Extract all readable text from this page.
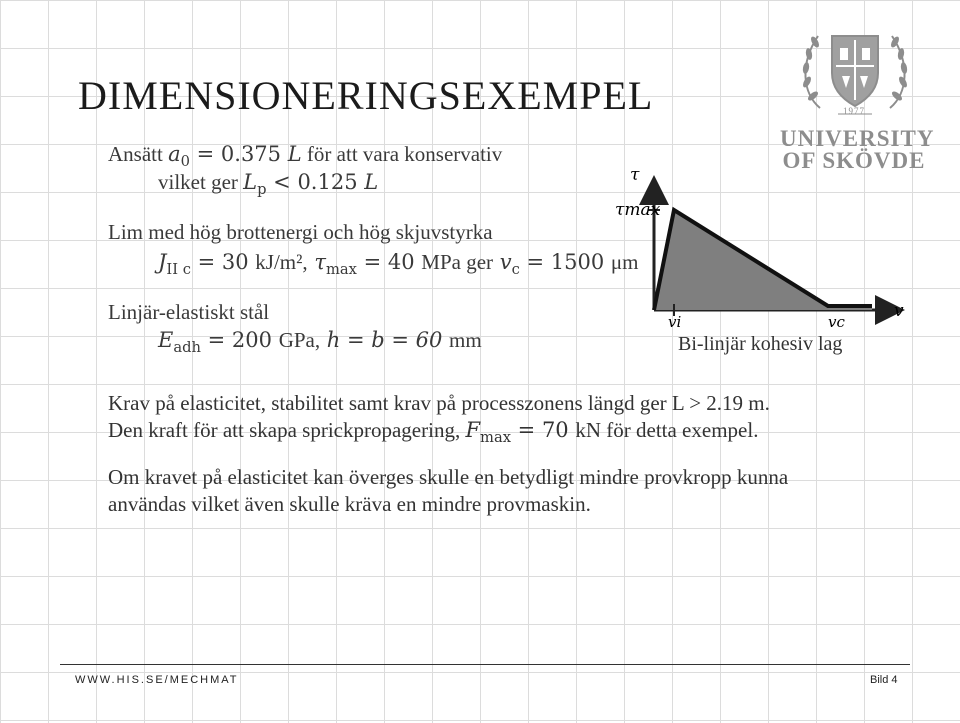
DIMENSIONERINGSEXEMPEL
Ansätt $a_0 = 0.375$ L för att vara konservativ
vilket ger $L_p < 0.125$ L
Lim med hög brottenergi och hög skjuvstyrka
$J_{II c} = 30$ kJ/m², $\tau_{max} = 40$ MPa ger $v_c = 1500$ μm
Linjär-elastiskt stål
$E_{adh} = 200$ GPa, h = b = 60 mm
Krav på elasticitet, stabilitet samt krav på processzonens längd ger L > 2.19 m.
Den kraft för att skapa sprickpropagering, $F_{max} = 70$ kN för detta exempel.
Om kravet på elasticitet kan överges skulle en betydligt mindre provkropp kunna
användas vilket även skulle kräva en mindre provmaskin.
τ
τmax
v
vi	vc
Bi-linjär kohesiv lag
1977
UNIVERSITY
OF SKÖVDE
WWW.HIS.SE/MECHMAT	Bild 4
